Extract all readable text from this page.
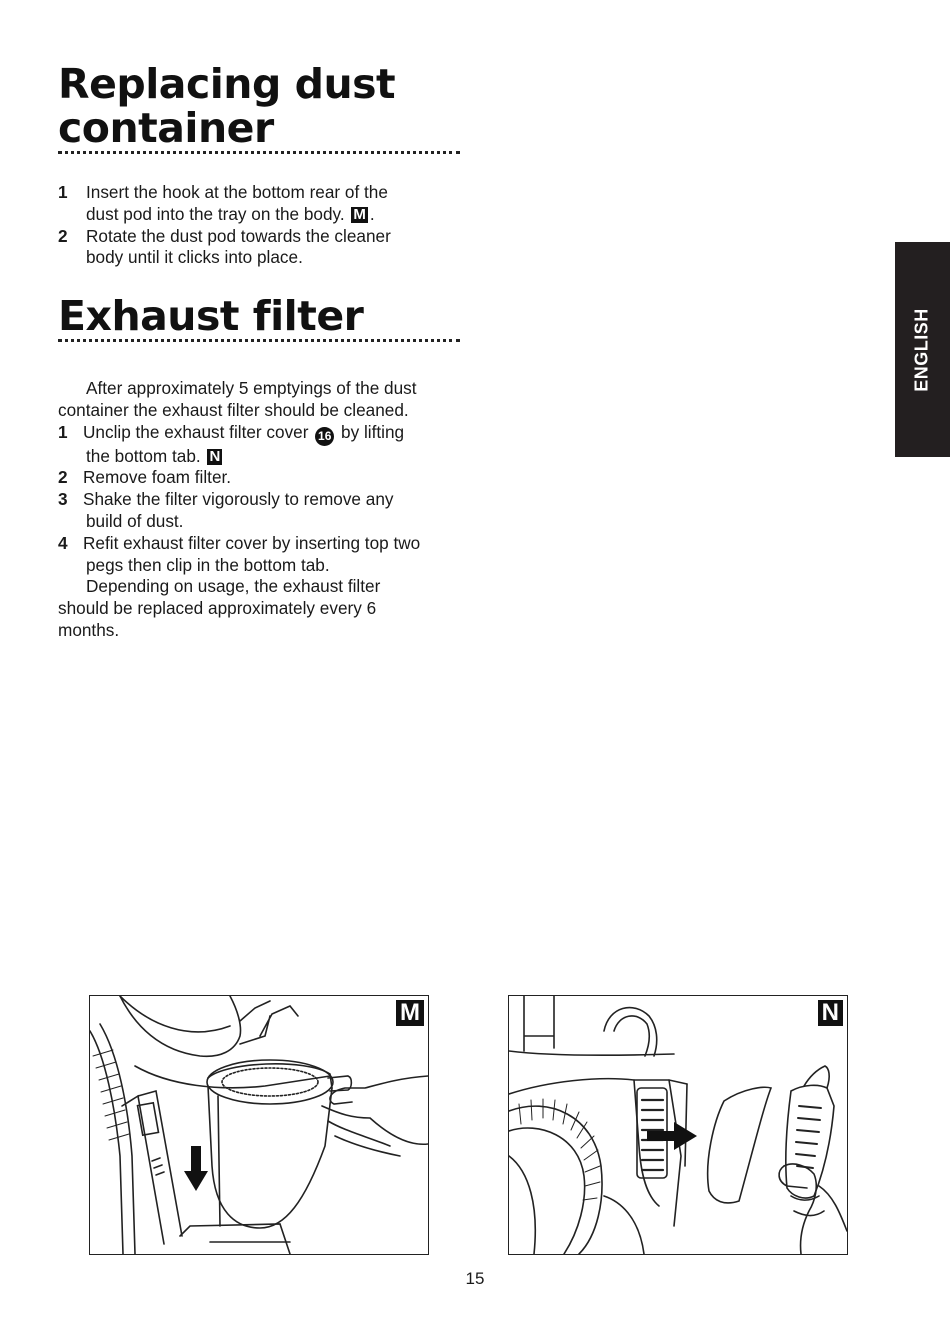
Replacing dust
container

1 Insert the hook at the bottom rear of the
dust pod into the tray on the body. M .

2 Rotate the dust pod towards the cleaner
body until it clicks into place.

Exhaust filter

After approximately 5 emptyings of the dust
container the exhaust filter should be cleaned.

1 Unclip the exhaust filter cover 16 by lifting
the bottom tab. N

2 Remove foam filter.

3 Shake the filter vigorously to remove any
build of dust.

4 Refit exhaust filter cover by inserting top two
pegs then clip in the bottom tab.

Depending on usage, the exhaust filter
should be replaced approximately every 6
months.

ENGLISH
M	N
15
